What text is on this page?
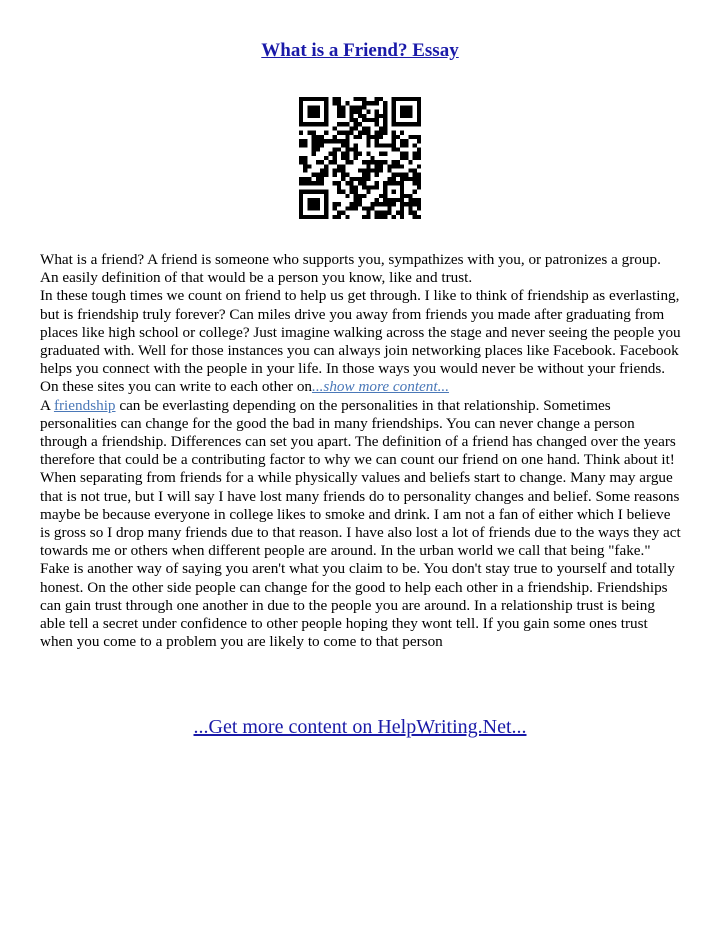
What is a Friend? Essay

What is a friend? A friend is someone who supports you, sympathizes with you, or patronizes a group. An easily definition of that would be a person you know, like and trust.

In these tough times we count on friend to help us get through. I like to think of friendship as everlasting, but is friendship truly forever? Can miles drive you away from friends you made after graduating from places like high school or college? Just imagine walking across the stage and never seeing the people you graduated with. Well for those instances you can always join networking places like Facebook. Facebook helps you connect with the people in your life. In those ways you would never be without your friends. On these sites you can write to each other on...show more content...

A friendship can be everlasting depending on the personalities in that relationship. Sometimes personalities can change for the good the bad in many friendships. You can never change a person through a friendship. Differences can set you apart. The definition of a friend has changed over the years therefore that could be a contributing factor to why we can count our friend on one hand. Think about it! When separating from friends for a while physically values and beliefs start to change. Many may argue that is not true, but I will say I have lost many friends do to personality changes and belief. Some reasons maybe be because everyone in college likes to smoke and drink. I am not a fan of either which I believe is gross so I drop many friends due to that reason. I have also lost a lot of friends due to the ways they act towards me or others when different people are around. In the urban world we call that being "fake." Fake is another way of saying you aren't what you claim to be. You don't stay true to yourself and totally honest. On the other side people can change for the good to help each other in a friendship. Friendships can gain trust through one another in due to the people you are around. In a relationship trust is being able tell a secret under confidence to other people hoping they wont tell. If you gain some ones trust when you come to a problem you are likely to come to that person

...Get more content on HelpWriting.Net...
